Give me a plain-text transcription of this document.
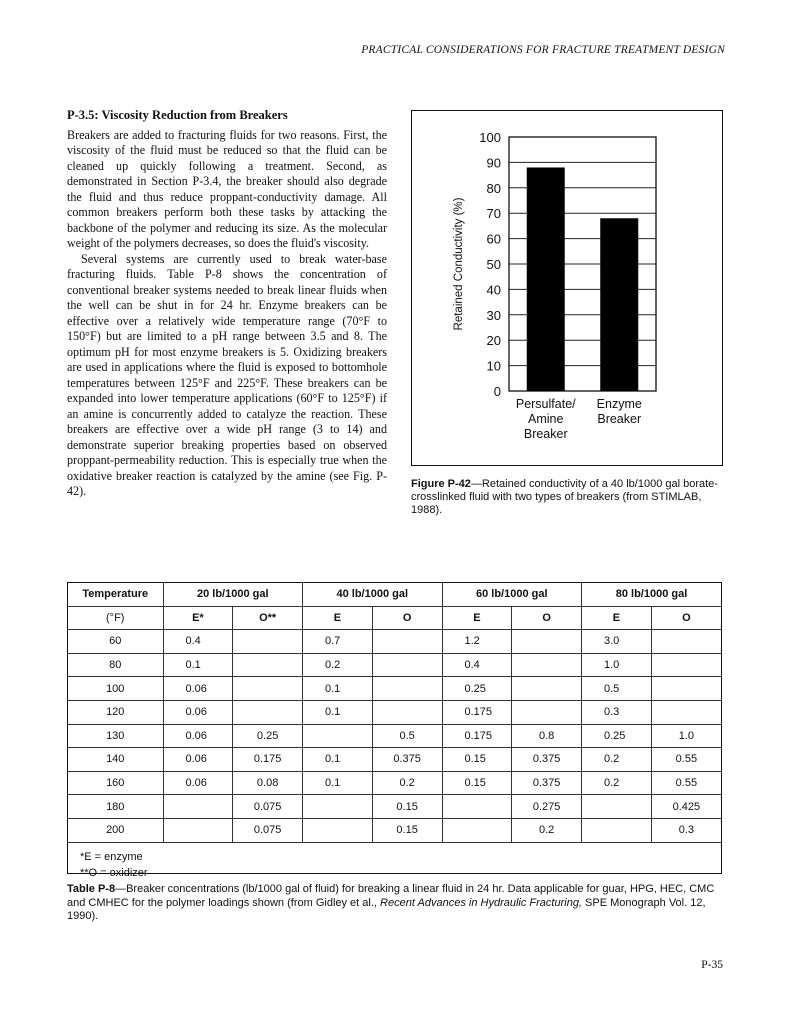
PRACTICAL CONSIDERATIONS FOR FRACTURE TREATMENT DESIGN
P-3.5: Viscosity Reduction from Breakers

Breakers are added to fracturing fluids for two reasons. First, the viscosity of the fluid must be reduced so that the fluid can be cleaned up quickly following a treatment. Second, as demonstrated in Section P-3.4, the breaker should also degrade the fluid and thus reduce proppant-conductivity damage. All common breakers perform both these tasks by attacking the backbone of the polymer and reducing its size. As the molecular weight of the polymers decreases, so does the fluid's viscosity.

Several systems are currently used to break water-base fracturing fluids. Table P-8 shows the concentration of conventional breaker systems needed to break linear fluids when the well can be shut in for 24 hr. Enzyme breakers can be effective over a relatively wide temperature range (70°F to 150°F) but are limited to a pH range between 3.5 and 8. The optimum pH for most enzyme breakers is 5. Oxidizing breakers are used in applications where the fluid is exposed to bottomhole temperatures between 125°F and 225°F. These breakers can be expanded into lower temperature applications (60°F to 125°F) if an amine is concurrently added to catalyze the reaction. These breakers are effective over a wide pH range (3 to 14) and demonstrate superior breaking properties based on observed proppant-permeability reduction. This is especially true when the oxidative breaker reaction is catalyzed by the amine (see Fig. P-42).

0
10
20
30
40
50
60
70
80
90
100
Persulfate/
Amine
Breaker
Enzyme
Breaker
Retained Conductivity (%)
Figure P-42—Retained conductivity of a 40 lb/1000 gal borate-crosslinked fluid with two types of breakers (from STIMLAB, 1988).
Temperature	20 lb/1000 gal		40 lb/1000 gal		60 lb/1000 gal		80 lb/1000 gal	
(°F)	E*	O**	E	O	E	O	E	O
60	0.4		0.7		1.2		3.0	
80	0.1		0.2		0.4		1.0	
100	0.06		0.1		0.25		0.5	
120	0.06		0.1		0.175		0.3	
130	0.06	0.25		0.5	0.175	0.8	0.25	1.0
140	0.06	0.175	0.1	0.375	0.15	0.375	0.2	0.55
160	0.06	0.08	0.1	0.2	0.15	0.375	0.2	0.55
180		0.075		0.15		0.275		0.425
200		0.075		0.15		0.2		0.3
*E = enzyme
**O = oxidizer
Table P-8—Breaker concentrations (lb/1000 gal of fluid) for breaking a linear fluid in 24 hr. Data applicable for guar, HPG, HEC, CMC and CMHEC for the polymer loadings shown (from Gidley et al., Recent Advances in Hydraulic Fracturing, SPE Monograph Vol. 12, 1990).
P-35
